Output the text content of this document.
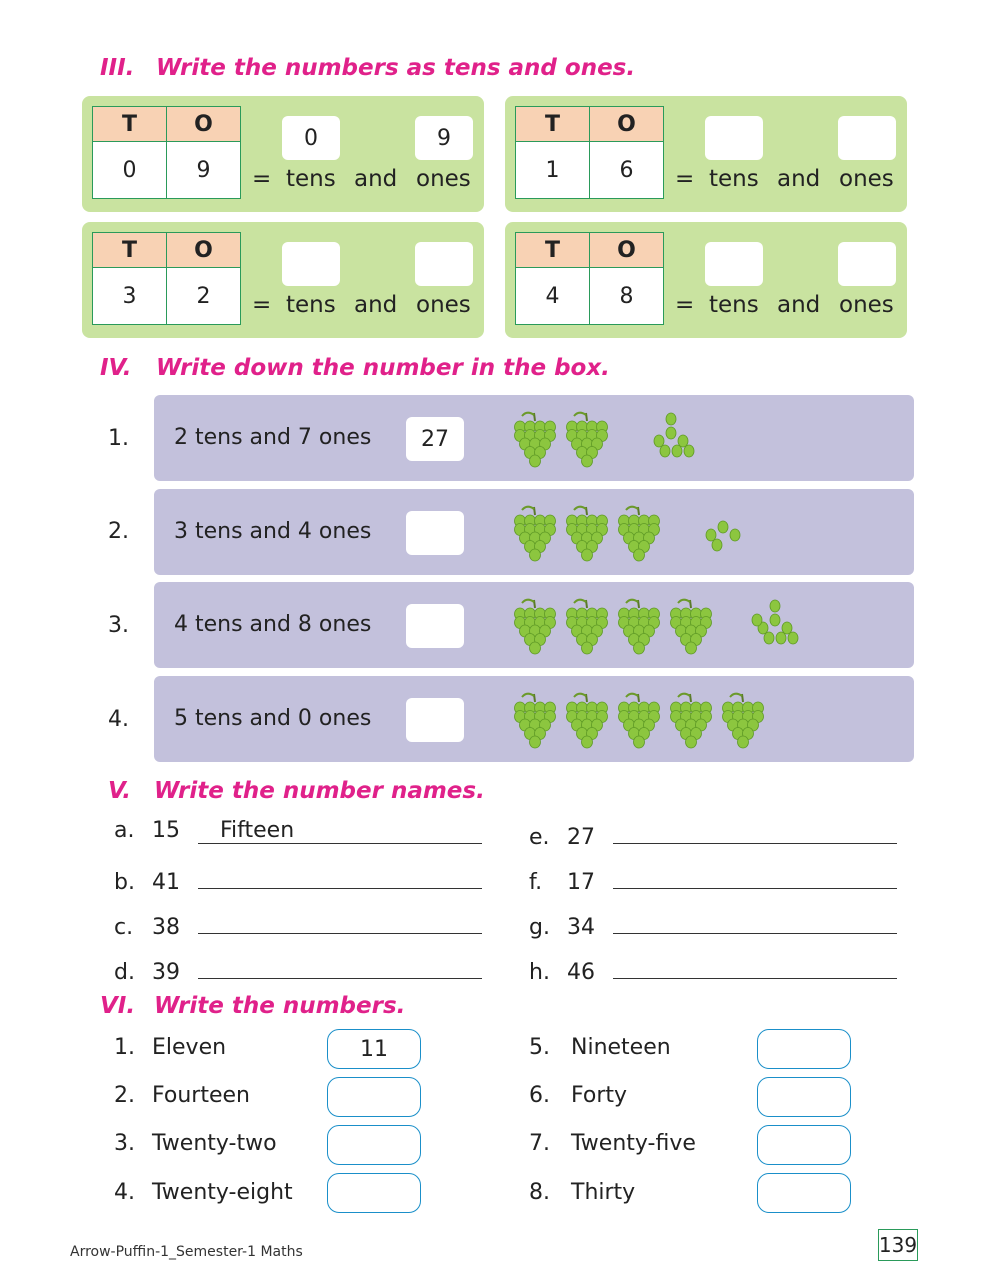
III. Write the numbers as tens and ones.
T	O
0	9
0	9
= tens and ones
T	O
1	6 = tens and ones
T	O
3	2 = tens and ones
T	O
4	8 = tens and ones
IV.	Write down the number in the box.
1. 2 tens and 7 ones	27
2. 3 tens and 4 ones
3. 4 tens and 8 ones
4. 5 tens and 0 ones
V.	Write the number names.
a. 15	Fifteen
b. 41
c. 38
d. 39
e. 27
f.	17
g. 34
h. 46
VI. Write the numbers.
1. Eleven	11
2. Fourteen
3. Twenty-two
4. Twenty-eight
5. Nineteen
6. Forty
7. Twenty-five
8. Thirty
Arrow-Puffin-1_Semester-1 Maths	139
